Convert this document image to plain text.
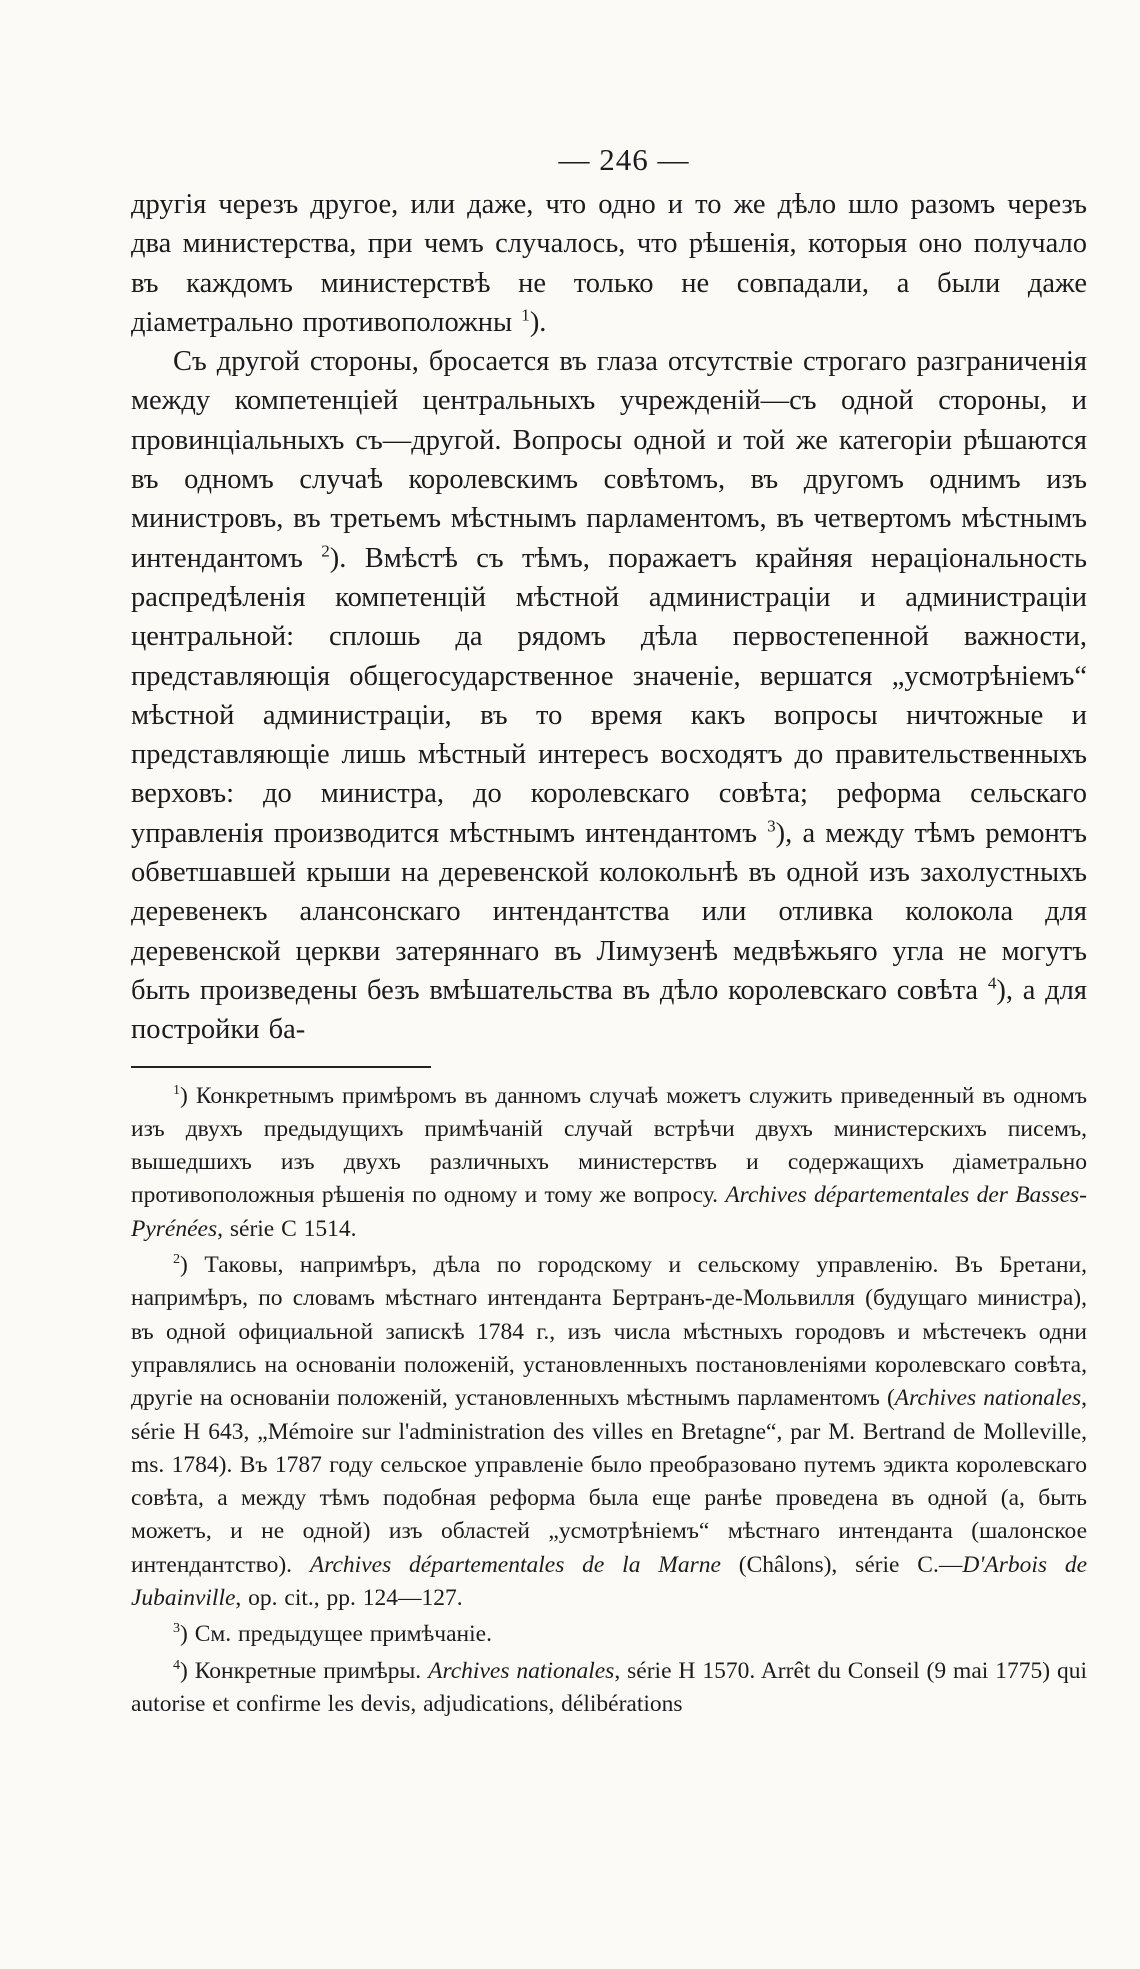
— 246 —

другія черезъ другое, или даже, что одно и то же дѣло шло разомъ черезъ два министерства, при чемъ случалось, что рѣшенія, которыя оно получало въ каждомъ министерствѣ не только не совпадали, а были даже діаметрально противоположны $^1$).

Съ другой стороны, бросается въ глаза отсутствіе строгаго разграниченія между компетенціей центральныхъ учрежденій—съ одной стороны, и провинціальныхъ съ—другой. Вопросы одной и той же категоріи рѣшаются въ одномъ случаѣ королевскимъ совѣтомъ, въ другомъ однимъ изъ министровъ, въ третьемъ мѣстнымъ парламентомъ, въ четвертомъ мѣстнымъ интендантомъ $^2$). Вмѣстѣ съ тѣмъ, поражаетъ крайняя нераціональность распредѣленія компетенцій мѣстной администраціи и администраціи центральной: сплошь да рядомъ дѣла первостепенной важности, представляющія общегосударственное значеніе, вершатся „усмотрѣніемъ“ мѣстной администраціи, въ то время какъ вопросы ничтожные и представляющіе лишь мѣстный интересъ восходятъ до правительственныхъ верховъ: до министра, до королевскаго совѣта; реформа сельскаго управленія производится мѣстнымъ интендантомъ $^3$), а между тѣмъ ремонтъ обветшавшей крыши на деревенской колокольнѣ въ одной изъ захолустныхъ деревенекъ алансонскаго интендантства или отливка колокола для деревенской церкви затеряннаго въ Лимузенѣ медвѣжьяго угла не могутъ быть произведены безъ вмѣшательства въ дѣло королевскаго совѣта $^4$), а для постройки ба-

$^1$) Конкретнымъ примѣромъ въ данномъ случаѣ можетъ служить приведенный въ одномъ изъ двухъ предыдущихъ примѣчаній случай встрѣчи двухъ министерскихъ писемъ, вышедшихъ изъ двухъ различныхъ министерствъ и содержащихъ діаметрально противоположныя рѣшенія по одному и тому же вопросу. Archives départementales der Basses-Pyrénées, série C 1514.

$^2$) Таковы, напримѣръ, дѣла по городскому и сельскому управленію. Въ Бретани, напримѣръ, по словамъ мѣстнаго интенданта Бертранъ-де-Мольвилля (будущаго министра), въ одной официальной запискѣ 1784 г., изъ числа мѣстныхъ городовъ и мѣстечекъ одни управлялись на основаніи положеній, установленныхъ постановленіями королевскаго совѣта, другіе на основаніи положеній, установленныхъ мѣстнымъ парламентомъ (Archives nationales, série H 643, „Mémoire sur l'administration des villes en Bretagne“, par M. Bertrand de Molleville, ms. 1784). Въ 1787 году сельское управленіе было преобразовано путемъ эдикта королевскаго совѣта, а между тѣмъ подобная реформа была еще ранѣе проведена въ одной (а, быть можетъ, и не одной) изъ областей „усмотрѣніемъ“ мѣстнаго интенданта (шалонское интендантство). Archives départementales de la Marne (Châlons), série C.—D'Arbois de Jubainville, op. cit., pp. 124—127.

$^3$) См. предыдущее примѣчаніе.

$^4$) Конкретные примѣры. Archives nationales, série H 1570. Arrêt du Conseil (9 mai 1775) qui autorise et confirme les devis, adjudications, délibérations
